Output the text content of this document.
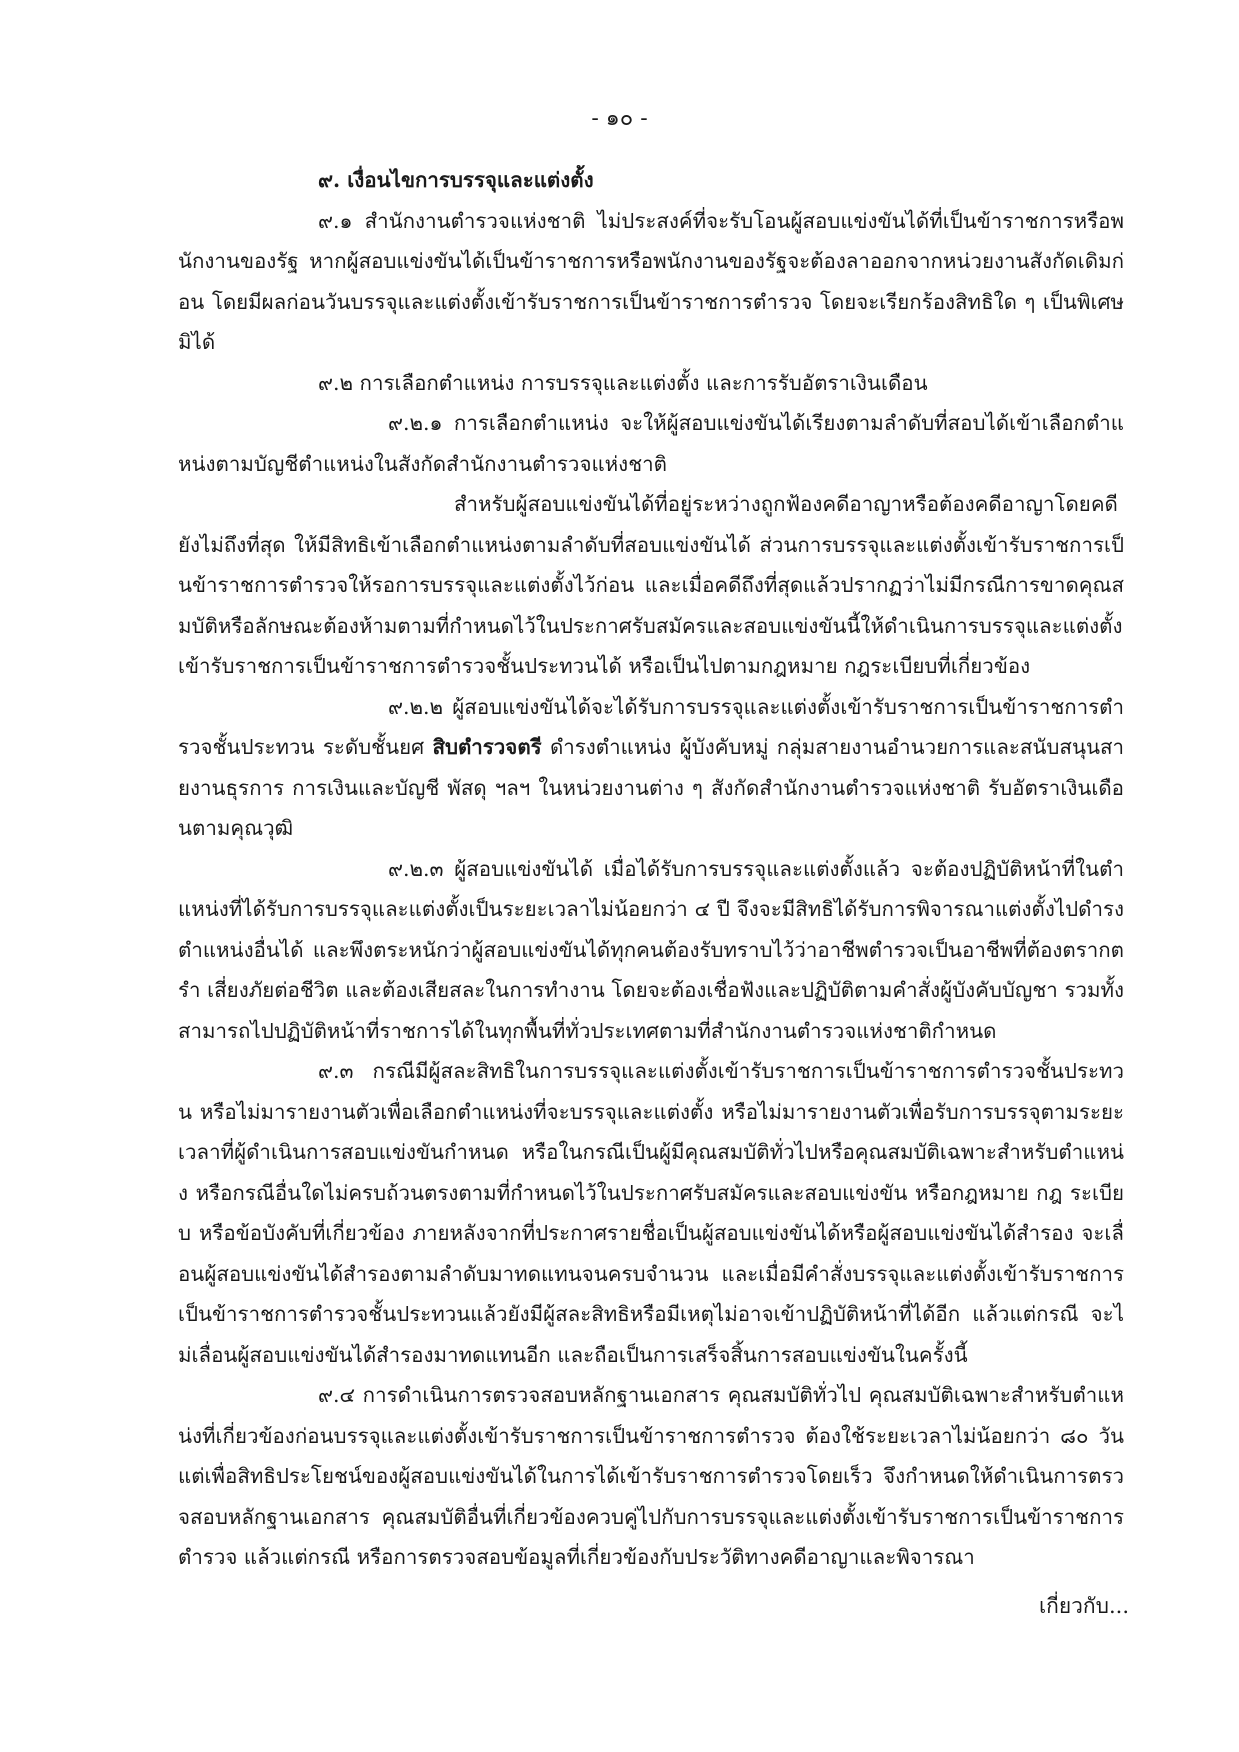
- ๑๐ -

๙. เงื่อนไขการบรรจุและแต่งตั้ง

๙.๑ สำนักงานตำรวจแห่งชาติ ไม่ประสงค์ที่จะรับโอนผู้สอบแข่งขันได้ที่เป็นข้าราชการหรือพนักงานของรัฐ หากผู้สอบแข่งขันได้เป็นข้าราชการหรือพนักงานของรัฐจะต้องลาออกจากหน่วยงานสังกัดเดิมก่อน โดยมีผลก่อนวันบรรจุและแต่งตั้งเข้ารับราชการเป็นข้าราชการตำรวจ โดยจะเรียกร้องสิทธิใด ๆ เป็นพิเศษมิได้

๙.๒ การเลือกตำแหน่ง การบรรจุและแต่งตั้ง และการรับอัตราเงินเดือน

๙.๒.๑ การเลือกตำแหน่ง จะให้ผู้สอบแข่งขันได้เรียงตามลำดับที่สอบได้เข้าเลือกตำแหน่งตามบัญชีตำแหน่งในสังกัดสำนักงานตำรวจแห่งชาติ

สำหรับผู้สอบแข่งขันได้ที่อยู่ระหว่างถูกฟ้องคดีอาญาหรือต้องคดีอาญาโดยคดียังไม่ถึงที่สุด ให้มีสิทธิเข้าเลือกตำแหน่งตามลำดับที่สอบแข่งขันได้ ส่วนการบรรจุและแต่งตั้งเข้ารับราชการเป็นข้าราชการตำรวจให้รอการบรรจุและแต่งตั้งไว้ก่อน และเมื่อคดีถึงที่สุดแล้วปรากฏว่าไม่มีกรณีการขาดคุณสมบัติหรือลักษณะต้องห้ามตามที่กำหนดไว้ในประกาศรับสมัครและสอบแข่งขันนี้ให้ดำเนินการบรรจุและแต่งตั้งเข้ารับราชการเป็นข้าราชการตำรวจชั้นประทวนได้ หรือเป็นไปตามกฎหมาย กฎระเบียบที่เกี่ยวข้อง

๙.๒.๒ ผู้สอบแข่งขันได้จะได้รับการบรรจุและแต่งตั้งเข้ารับราชการเป็นข้าราชการตำรวจชั้นประทวน ระดับชั้นยศ สิบตำรวจตรี ดำรงตำแหน่ง ผู้บังคับหมู่ กลุ่มสายงานอำนวยการและสนับสนุนสายงานธุรการ การเงินและบัญชี พัสดุ ฯลฯ ในหน่วยงานต่าง ๆ สังกัดสำนักงานตำรวจแห่งชาติ รับอัตราเงินเดือนตามคุณวุฒิ

๙.๒.๓ ผู้สอบแข่งขันได้ เมื่อได้รับการบรรจุและแต่งตั้งแล้ว จะต้องปฏิบัติหน้าที่ในตำแหน่งที่ได้รับการบรรจุและแต่งตั้งเป็นระยะเวลาไม่น้อยกว่า ๔ ปี จึงจะมีสิทธิได้รับการพิจารณาแต่งตั้งไปดำรงตำแหน่งอื่นได้ และพึงตระหนักว่าผู้สอบแข่งขันได้ทุกคนต้องรับทราบไว้ว่าอาชีพตำรวจเป็นอาชีพที่ต้องตรากตรำ เสี่ยงภัยต่อชีวิต และต้องเสียสละในการทำงาน โดยจะต้องเชื่อฟังและปฏิบัติตามคำสั่งผู้บังคับบัญชา รวมทั้งสามารถไปปฏิบัติหน้าที่ราชการได้ในทุกพื้นที่ทั่วประเทศตามที่สำนักงานตำรวจแห่งชาติกำหนด

๙.๓ กรณีมีผู้สละสิทธิในการบรรจุและแต่งตั้งเข้ารับราชการเป็นข้าราชการตำรวจชั้นประทวน หรือไม่มารายงานตัวเพื่อเลือกตำแหน่งที่จะบรรจุและแต่งตั้ง หรือไม่มารายงานตัวเพื่อรับการบรรจุตามระยะเวลาที่ผู้ดำเนินการสอบแข่งขันกำหนด หรือในกรณีเป็นผู้มีคุณสมบัติทั่วไปหรือคุณสมบัติเฉพาะสำหรับตำแหน่ง หรือกรณีอื่นใดไม่ครบถ้วนตรงตามที่กำหนดไว้ในประกาศรับสมัครและสอบแข่งขัน หรือกฎหมาย กฎ ระเบียบ หรือข้อบังคับที่เกี่ยวข้อง ภายหลังจากที่ประกาศรายชื่อเป็นผู้สอบแข่งขันได้หรือผู้สอบแข่งขันได้สำรอง จะเลื่อนผู้สอบแข่งขันได้สำรองตามลำดับมาทดแทนจนครบจำนวน และเมื่อมีคำสั่งบรรจุและแต่งตั้งเข้ารับราชการเป็นข้าราชการตำรวจชั้นประทวนแล้วยังมีผู้สละสิทธิหรือมีเหตุไม่อาจเข้าปฏิบัติหน้าที่ได้อีก แล้วแต่กรณี จะไม่เลื่อนผู้สอบแข่งขันได้สำรองมาทดแทนอีก และถือเป็นการเสร็จสิ้นการสอบแข่งขันในครั้งนี้

๙.๔ การดำเนินการตรวจสอบหลักฐานเอกสาร คุณสมบัติทั่วไป คุณสมบัติเฉพาะสำหรับตำแหน่งที่เกี่ยวข้องก่อนบรรจุและแต่งตั้งเข้ารับราชการเป็นข้าราชการตำรวจ ต้องใช้ระยะเวลาไม่น้อยกว่า ๘๐ วัน แต่เพื่อสิทธิประโยชน์ของผู้สอบแข่งขันได้ในการได้เข้ารับราชการตำรวจโดยเร็ว จึงกำหนดให้ดำเนินการตรวจสอบหลักฐานเอกสาร คุณสมบัติอื่นที่เกี่ยวข้องควบคู่ไปกับการบรรจุและแต่งตั้งเข้ารับราชการเป็นข้าราชการตำรวจ แล้วแต่กรณี หรือการตรวจสอบข้อมูลที่เกี่ยวข้องกับประวัติทางคดีอาญาและพิจารณา

เกี่ยวกับ...
